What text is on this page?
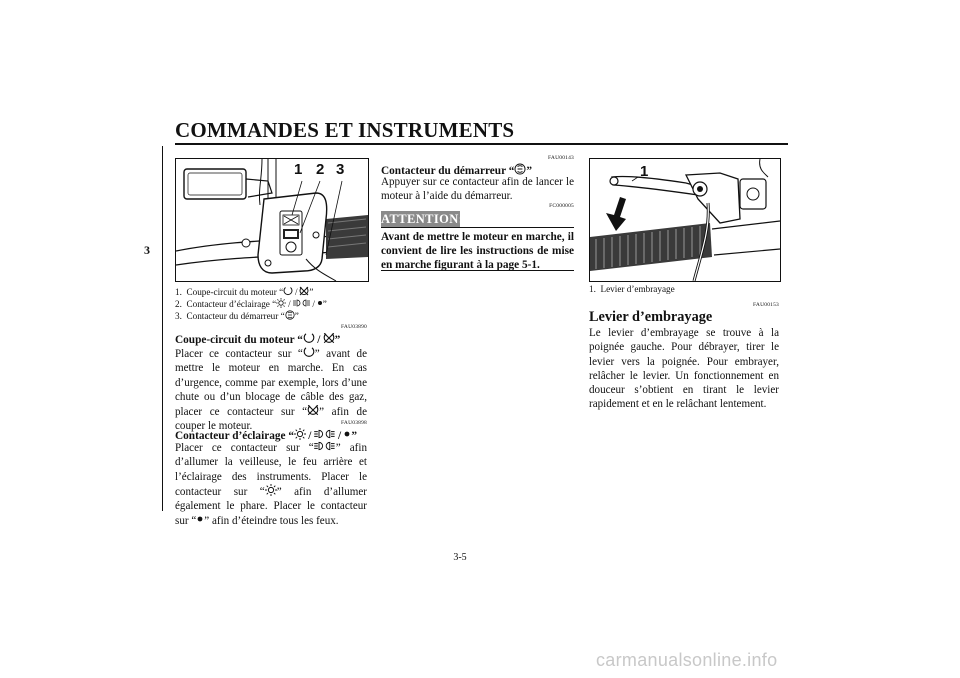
COMMANDES ET INSTRUMENTS
3
1 2 3
1. Coupe-circuit du moteur “
 / 
”
2. Contacteur d’éclairage “
 / 
 / 
”
3. Contacteur du démarreur “ ”
FAU03890
Coupe-circuit du moteur “
 / 
”
Placer ce contacteur sur “ ” avant de mettre le moteur en marche. En cas d’urgence, comme par exemple, lors d’une chute ou d’un blocage de câble des gaz, placer ce contacteur sur “ ” afin de couper le moteur.	FAU03898
Contacteur d’éclairage “
 / 
 / 
”
Placer ce contacteur sur “ ” afin d’allumer la veilleuse, le feu arrière et l’éclairage des instruments. Placer le contacteur sur “ ” afin d’allumer également le phare. Placer le contacteur sur “ ” afin d’éteindre tous les feux.
FAU00143
Contacteur du démarreur “ ”
Appuyer sur ce contacteur afin de lancer le moteur à l’aide du démarreur.
FC000005
ATTENTION:
Avant de mettre le moteur en marche, il convient de lire les instructions de mise en marche figurant à la page 5-1.
1
1. Levier d’embrayage
FAU00153
Levier d’embrayage
Le levier d’embrayage se trouve à la poignée gauche. Pour débrayer, tirer le levier vers la poignée. Pour embrayer, relâcher le levier. Un fonctionnement en douceur s’obtient en tirant le levier rapidement et en le relâchant lentement.
3-5
carmanualsonline.info
